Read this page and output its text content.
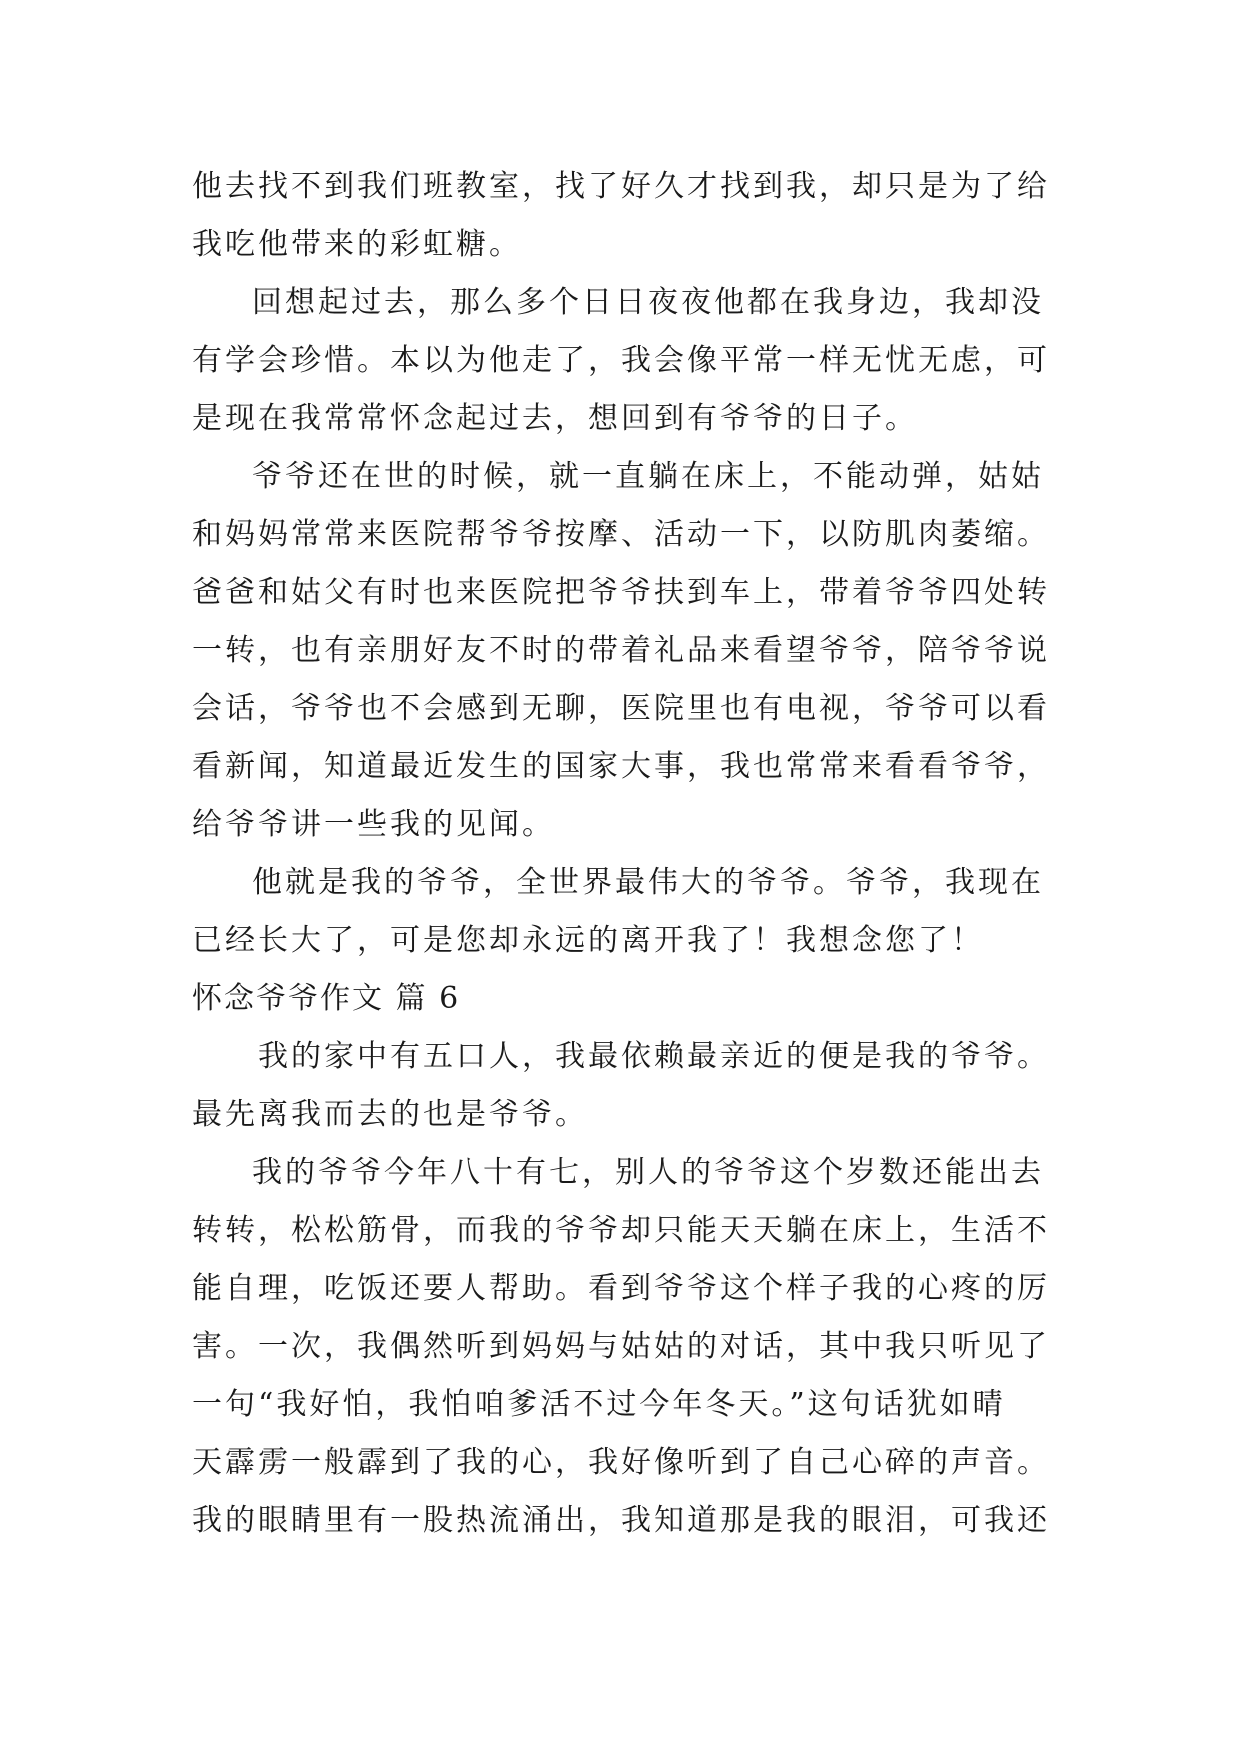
他去找不到我们班教室，找了好久才找到我，却只是为了给
我吃他带来的彩虹糖。
回想起过去，那么多个日日夜夜他都在我身边，我却没
有学会珍惜。本以为他走了，我会像平常一样无忧无虑，可
是现在我常常怀念起过去，想回到有爷爷的日子。
爷爷还在世的时候，就一直躺在床上，不能动弹，姑姑
和妈妈常常来医院帮爷爷按摩、活动一下，以防肌肉萎缩。
爸爸和姑父有时也来医院把爷爷扶到车上，带着爷爷四处转
一转，也有亲朋好友不时的带着礼品来看望爷爷，陪爷爷说
会话，爷爷也不会感到无聊，医院里也有电视，爷爷可以看
看新闻，知道最近发生的国家大事，我也常常来看看爷爷，
给爷爷讲一些我的见闻。
他就是我的爷爷，全世界最伟大的爷爷。爷爷，我现在
已经长大了，可是您却永远的离开我了！我想念您了！
怀念爷爷作文 篇 6
我的家中有五口人，我最依赖最亲近的便是我的爷爷。
最先离我而去的也是爷爷。
我的爷爷今年八十有七，别人的爷爷这个岁数还能出去
转转，松松筋骨，而我的爷爷却只能天天躺在床上，生活不
能自理，吃饭还要人帮助。看到爷爷这个样子我的心疼的厉
害。一次，我偶然听到妈妈与姑姑的对话，其中我只听见了
一句“我好怕，我怕咱爹活不过今年冬天。”这句话犹如晴
天霹雳一般霹到了我的心，我好像听到了自己心碎的声音。
我的眼睛里有一股热流涌出，我知道那是我的眼泪，可我还
